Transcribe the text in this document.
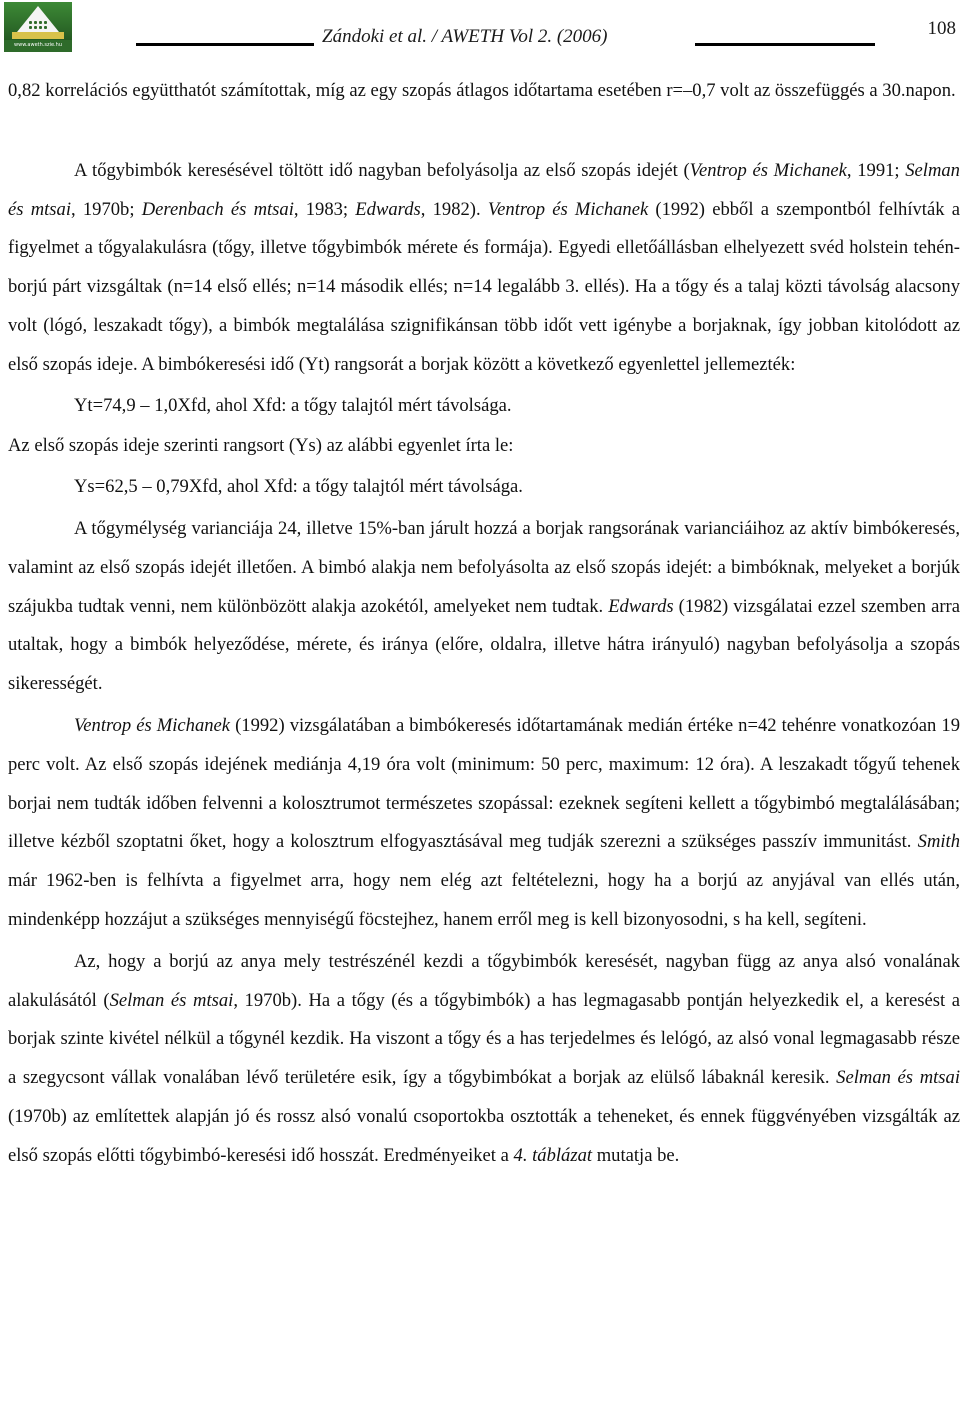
www.aweth.szie.hu	Zándoki et al. / AWETH Vol 2. (2006)	108

0,82 korrelációs együtthatót számítottak, míg az egy szopás átlagos időtartama esetében r=–0,7 volt az összefüggés a 30.napon.

A tőgybimbók keresésével töltött idő nagyban befolyásolja az első szopás idejét (Ventrop és Michanek, 1991; Selman és mtsai, 1970b; Derenbach és mtsai, 1983; Edwards, 1982). Ventrop és Michanek (1992) ebből a szempontból felhívták a figyelmet a tőgyalakulásra (tőgy, illetve tőgybimbók mérete és formája). Egyedi elletőállásban elhelyezett svéd holstein tehén-borjú párt vizsgáltak (n=14 első ellés; n=14 második ellés; n=14 legalább 3. ellés). Ha a tőgy és a talaj közti távolság alacsony volt (lógó, leszakadt tőgy), a bimbók megtalálása szignifikánsan több időt vett igénybe a borjaknak, így jobban kitolódott az első szopás ideje. A bimbókeresési idő (Yt) rangsorát a borjak között a következő egyenlettel jellemezték:

Yt=74,9 – 1,0Xfd, ahol Xfd: a tőgy talajtól mért távolsága.

Az első szopás ideje szerinti rangsort (Ys) az alábbi egyenlet írta le:

Ys=62,5 – 0,79Xfd, ahol Xfd: a tőgy talajtól mért távolsága.

A tőgymélység varianciája 24, illetve 15%-ban járult hozzá a borjak rangsorának varianciáihoz az aktív bimbókeresés, valamint az első szopás idejét illetően. A bimbó alakja nem befolyásolta az első szopás idejét: a bimbóknak, melyeket a borjúk szájukba tudtak venni, nem különbözött alakja azokétól, amelyeket nem tudtak. Edwards (1982) vizsgálatai ezzel szemben arra utaltak, hogy a bimbók helyeződése, mérete, és iránya (előre, oldalra, illetve hátra irányuló) nagyban befolyásolja a szopás sikerességét.

Ventrop és Michanek (1992) vizsgálatában a bimbókeresés időtartamának medián értéke n=42 tehénre vonatkozóan 19 perc volt. Az első szopás idejének mediánja 4,19 óra volt (minimum: 50 perc, maximum: 12 óra). A leszakadt tőgyű tehenek borjai nem tudták időben felvenni a kolosztrumot természetes szopással: ezeknek segíteni kellett a tőgybimbó megtalálásában; illetve kézből szoptatni őket, hogy a kolosztrum elfogyasztásával meg tudják szerezni a szükséges passzív immunitást. Smith már 1962-ben is felhívta a figyelmet arra, hogy nem elég azt feltételezni, hogy ha a borjú az anyjával van ellés után, mindenképp hozzájut a szükséges mennyiségű föcstejhez, hanem erről meg is kell bizonyosodni, s ha kell, segíteni.

Az, hogy a borjú az anya mely testrészénél kezdi a tőgybimbók keresését, nagyban függ az anya alsó vonalának alakulásától (Selman és mtsai, 1970b). Ha a tőgy (és a tőgybimbók) a has legmagasabb pontján helyezkedik el, a keresést a borjak szinte kivétel nélkül a tőgynél kezdik. Ha viszont a tőgy és a has terjedelmes és lelógó, az alsó vonal legmagasabb része a szegycsont vállak vonalában lévő területére esik, így a tőgybimbókat a borjak az elülső lábaknál keresik. Selman és mtsai (1970b) az említettek alapján jó és rossz alsó vonalú csoportokba osztották a teheneket, és ennek függvényében vizsgálták az első szopás előtti tőgybimbó-keresési idő hosszát. Eredményeiket a 4. táblázat mutatja be.
